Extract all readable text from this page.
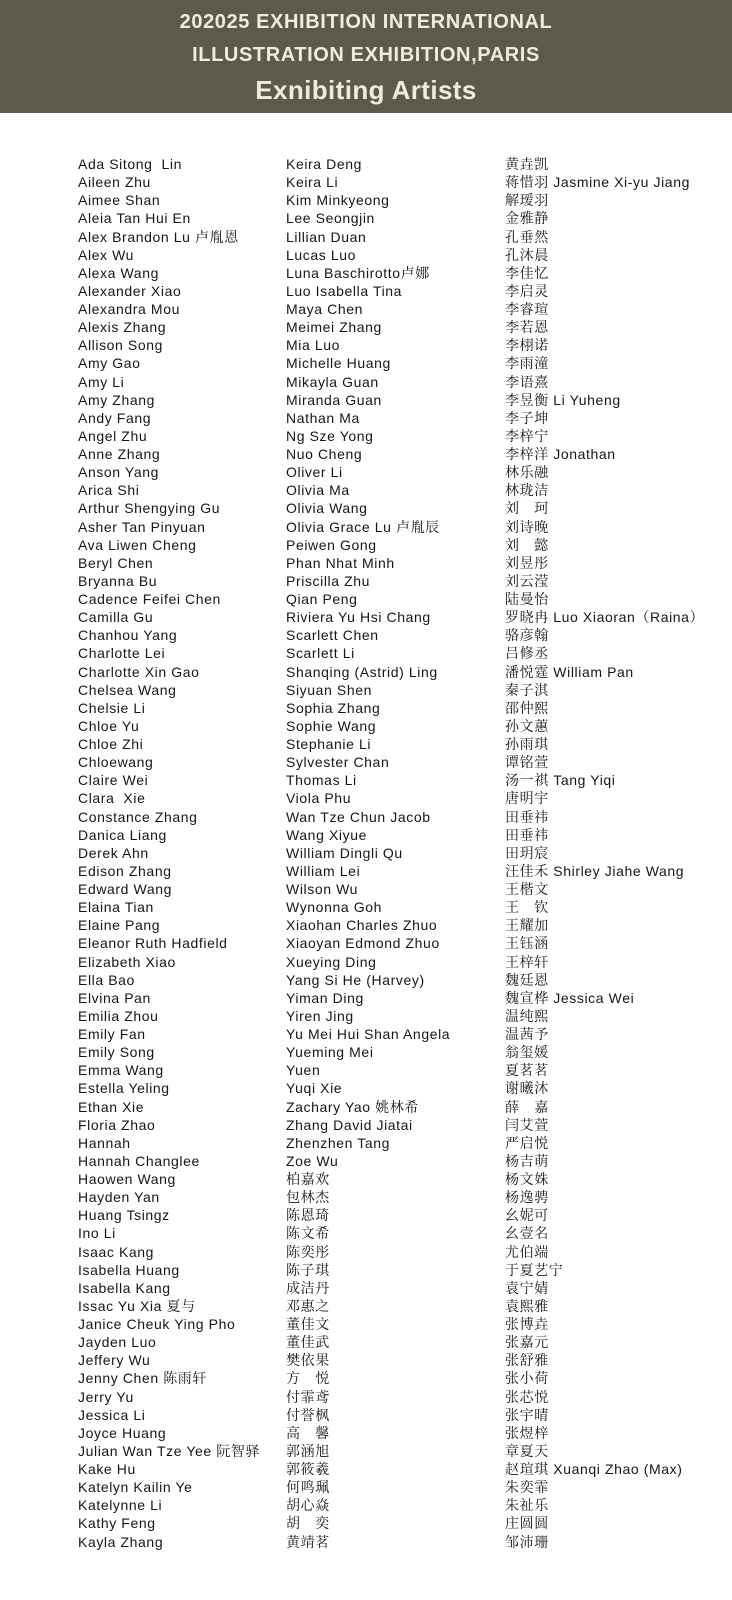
202025 EXHIBITION INTERNATIONAL
ILLUSTRATION EXHIBITION,PARIS
Exnibiting Artists
Ada Sitong  Lin
Aileen Zhu
Aimee Shan
Aleia Tan Hui En
Alex Brandon Lu 卢胤恩
Alex Wu
Alexa Wang
Alexander Xiao
Alexandra Mou
Alexis Zhang
Allison Song
Amy Gao
Amy Li
Amy Zhang
Andy Fang
Angel Zhu
Anne Zhang
Anson Yang
Arica Shi
Arthur Shengying Gu
Asher Tan Pinyuan
Ava Liwen Cheng
Beryl Chen
Bryanna Bu
Cadence Feifei Chen
Camilla Gu
Chanhou Yang
Charlotte Lei
Charlotte Xin Gao
Chelsea Wang
Chelsie Li
Chloe Yu
Chloe Zhi
Chloewang
Claire Wei
Clara  Xie
Constance Zhang
Danica Liang
Derek Ahn
Edison Zhang
Edward Wang
Elaina Tian
Elaine Pang
Eleanor Ruth Hadfield
Elizabeth Xiao
Ella Bao
Elvina Pan
Emilia Zhou
Emily Fan
Emily Song
Emma Wang
Estella Yeling
Ethan Xie
Floria Zhao
Hannah
Hannah Changlee
Haowen Wang
Hayden Yan
Huang Tsingz
Ino Li
Isaac Kang
Isabella Huang
Isabella Kang
Issac Yu Xia 夏与
Janice Cheuk Ying Pho
Jayden Luo
Jeffery Wu
Jenny Chen 陈雨轩
Jerry Yu
Jessica Li
Joyce Huang
Julian Wan Tze Yee 阮智驿
Kake Hu
Katelyn Kailin Ye
Katelynne Li
Kathy Feng
Kayla Zhang
Keira Deng
Keira Li
Kim Minkyeong
Lee Seongjin
Lillian Duan
Lucas Luo
Luna Baschirotto卢娜
Luo Isabella Tina
Maya Chen
Meimei Zhang
Mia Luo
Michelle Huang
Mikayla Guan
Miranda Guan
Nathan Ma
Ng Sze Yong
Nuo Cheng
Oliver Li
Olivia Ma
Olivia Wang
Olivia Grace Lu 卢胤辰
Peiwen Gong
Phan Nhat Minh
Priscilla Zhu
Qian Peng
Riviera Yu Hsi Chang
Scarlett Chen
Scarlett Li
Shanqing (Astrid) Ling
Siyuan Shen
Sophia Zhang
Sophie Wang
Stephanie Li
Sylvester Chan
Thomas Li
Viola Phu
Wan Tze Chun Jacob
Wang Xiyue
William Dingli Qu
William Lei
Wilson Wu
Wynonna Goh
Xiaohan Charles Zhuo
Xiaoyan Edmond Zhuo
Xueying Ding
Yang Si He (Harvey)
Yiman Ding
Yiren Jing
Yu Mei Hui Shan Angela
Yueming Mei
Yuen
Yuqi Xie
Zachary Yao 姚林希
Zhang David Jiatai
Zhenzhen Tang
Zoe Wu
柏嘉欢
包林杰
陈恩琦
陈文希
陈奕彤
陈子琪
成洁丹
邓惠之
董佳文
董佳武
樊依果
方　悦
付霏鸢
付誉枫
高　馨
郭涵旭
郭筱羲
何鸣珮
胡心焱
胡　奕
黄靖茗
黄垚凯
蒋惜羽 Jasmine Xi-yu Jiang
解瑷羽
金雅静
孔垂然
孔沐晨
李佳忆
李启灵
李睿瑄
李若恩
李栩诺
李雨潼
李语熹
李昱衡 Li Yuheng
李子坤
李梓宁
李梓洋 Jonathan
林乐融
林珑洁
刘　珂
刘诗晚
刘　懿
刘昱彤
刘云滢
陆曼怡
罗晓冉 Luo Xiaoran（Raina）
骆彦翰
吕修丞
潘悦霆 William Pan
秦子淇
邵仲熙
孙文蕙
孙雨琪
谭铭萱
汤一祺 Tang Yiqi
唐明宇
田垂祎
田垂祎
田玥宸
汪佳禾 Shirley Jiahe Wang
王楷文
王　钦
王耀加
王钰涵
王梓轩
魏廷恩
魏宣桦 Jessica Wei
温纯熙
温茜予
翁玺媛
夏茗茗
谢曦沐
薛　嘉
闫艾萱
严启悦
杨吉萌
杨文姝
杨逸骋
幺妮可
幺壹名
尤伯端
于夏艺宁
袁宁婧
袁熙雅
张博垚
张嘉元
张舒雅
张小荷
张芯悦
张宇晴
张煜梓
章夏天
赵瑄琪 Xuanqi Zhao (Max)
朱奕霏
朱祉乐
庄圆圆
邹沛珊
